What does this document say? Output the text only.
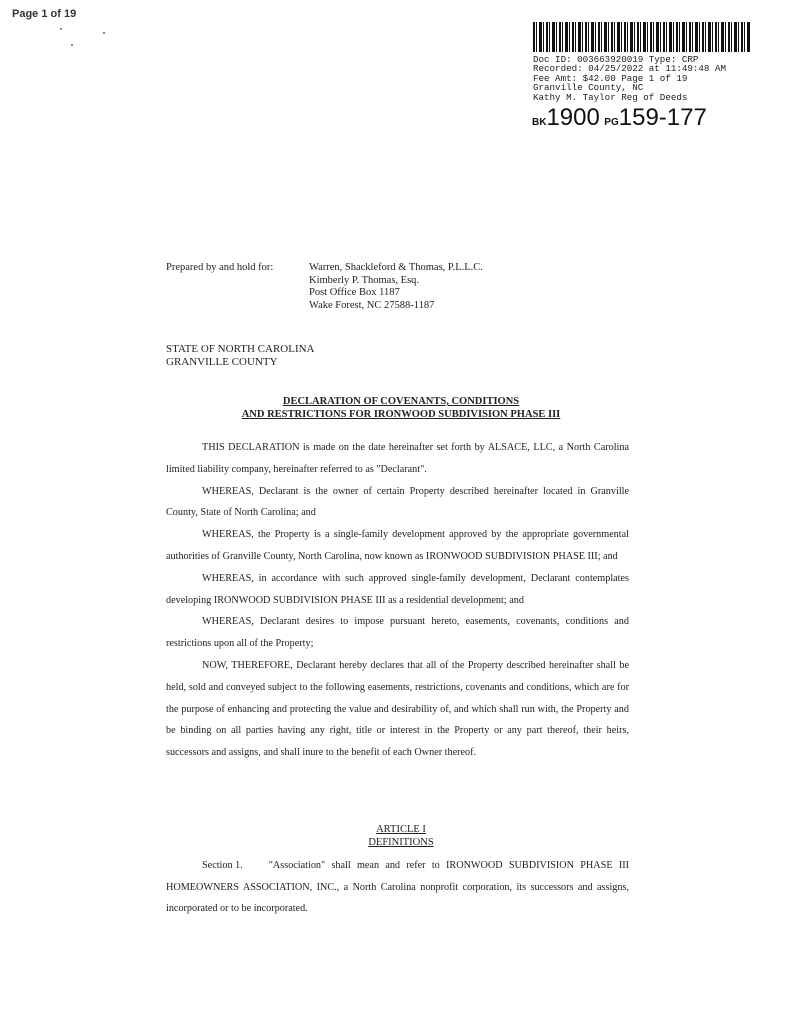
Page 1 of 19
Doc ID: 003663920019 Type: CRP
Recorded: 04/25/2022 at 11:49:48 AM
Fee Amt: $42.00 Page 1 of 19
Granville County, NC
Kathy M. Taylor Reg of Deeds
BK1900 PG159-177
Prepared by and hold for:	Warren, Shackleford & Thomas, P.L.L.C.
Kimberly P. Thomas, Esq.
Post Office Box 1187
Wake Forest, NC 27588-1187
STATE OF NORTH CAROLINA
GRANVILLE COUNTY
DECLARATION OF COVENANTS, CONDITIONS
AND RESTRICTIONS FOR IRONWOOD SUBDIVISION PHASE III

THIS DECLARATION is made on the date hereinafter set forth by ALSACE, LLC, a North Carolina limited liability company, hereinafter referred to as "Declarant".

WHEREAS, Declarant is the owner of certain Property described hereinafter located in Granville County, State of North Carolina; and

WHEREAS, the Property is a single-family development approved by the appropriate governmental authorities of Granville County, North Carolina, now known as IRONWOOD SUBDIVISION PHASE III; and

WHEREAS, in accordance with such approved single-family development, Declarant contemplates developing IRONWOOD SUBDIVISION PHASE III as a residential development; and

WHEREAS, Declarant desires to impose pursuant hereto, easements, covenants, conditions and restrictions upon all of the Property;

NOW, THEREFORE, Declarant hereby declares that all of the Property described hereinafter shall be held, sold and conveyed subject to the following easements, restrictions, covenants and conditions, which are for the purpose of enhancing and protecting the value and desirability of, and which shall run with, the Property and be binding on all parties having any right, title or interest in the Property or any part thereof, their heirs, successors and assigns, and shall inure to the benefit of each Owner thereof.

ARTICLE I
DEFINITIONS
Section 1.	"Association" shall mean and refer to IRONWOOD SUBDIVISION PHASE III HOMEOWNERS ASSOCIATION, INC., a North Carolina nonprofit corporation, its successors and assigns, incorporated or to be incorporated.
